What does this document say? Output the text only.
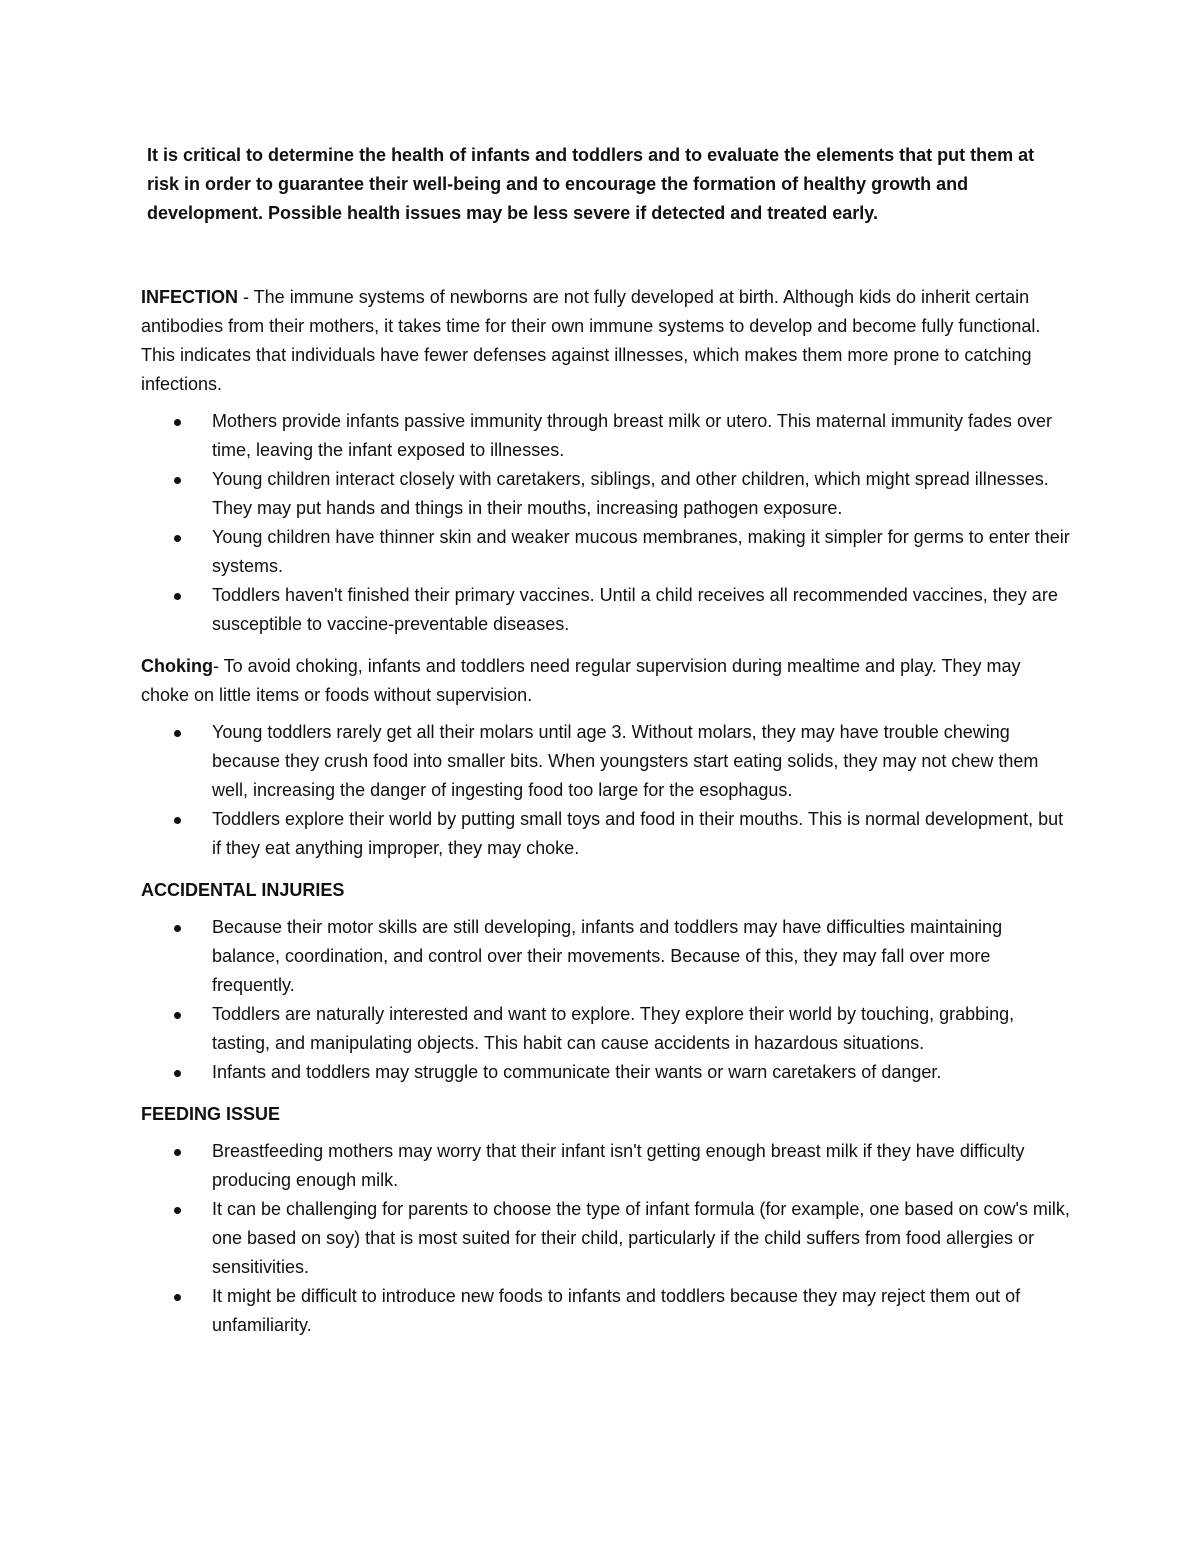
It is critical to determine the health of infants and toddlers and to evaluate the elements that put them at risk in order to guarantee their well-being and to encourage the formation of healthy growth and development. Possible health issues may be less severe if detected and treated early.

INFECTION - The immune systems of newborns are not fully developed at birth. Although kids do inherit certain antibodies from their mothers, it takes time for their own immune systems to develop and become fully functional. This indicates that individuals have fewer defenses against illnesses, which makes them more prone to catching infections.

Mothers provide infants passive immunity through breast milk or utero. This maternal immunity fades over time, leaving the infant exposed to illnesses.
Young children interact closely with caretakers, siblings, and other children, which might spread illnesses. They may put hands and things in their mouths, increasing pathogen exposure.
Young children have thinner skin and weaker mucous membranes, making it simpler for germs to enter their systems.
Toddlers haven't finished their primary vaccines. Until a child receives all recommended vaccines, they are susceptible to vaccine-preventable diseases.

Choking- To avoid choking, infants and toddlers need regular supervision during mealtime and play. They may choke on little items or foods without supervision.

Young toddlers rarely get all their molars until age 3. Without molars, they may have trouble chewing because they crush food into smaller bits. When youngsters start eating solids, they may not chew them well, increasing the danger of ingesting food too large for the esophagus.
Toddlers explore their world by putting small toys and food in their mouths. This is normal development, but if they eat anything improper, they may choke.

ACCIDENTAL INJURIES

Because their motor skills are still developing, infants and toddlers may have difficulties maintaining balance, coordination, and control over their movements. Because of this, they may fall over more frequently.
Toddlers are naturally interested and want to explore. They explore their world by touching, grabbing, tasting, and manipulating objects. This habit can cause accidents in hazardous situations.
Infants and toddlers may struggle to communicate their wants or warn caretakers of danger.

FEEDING ISSUE

Breastfeeding mothers may worry that their infant isn't getting enough breast milk if they have difficulty producing enough milk.
It can be challenging for parents to choose the type of infant formula (for example, one based on cow's milk, one based on soy) that is most suited for their child, particularly if the child suffers from food allergies or sensitivities.
It might be difficult to introduce new foods to infants and toddlers because they may reject them out of unfamiliarity.
